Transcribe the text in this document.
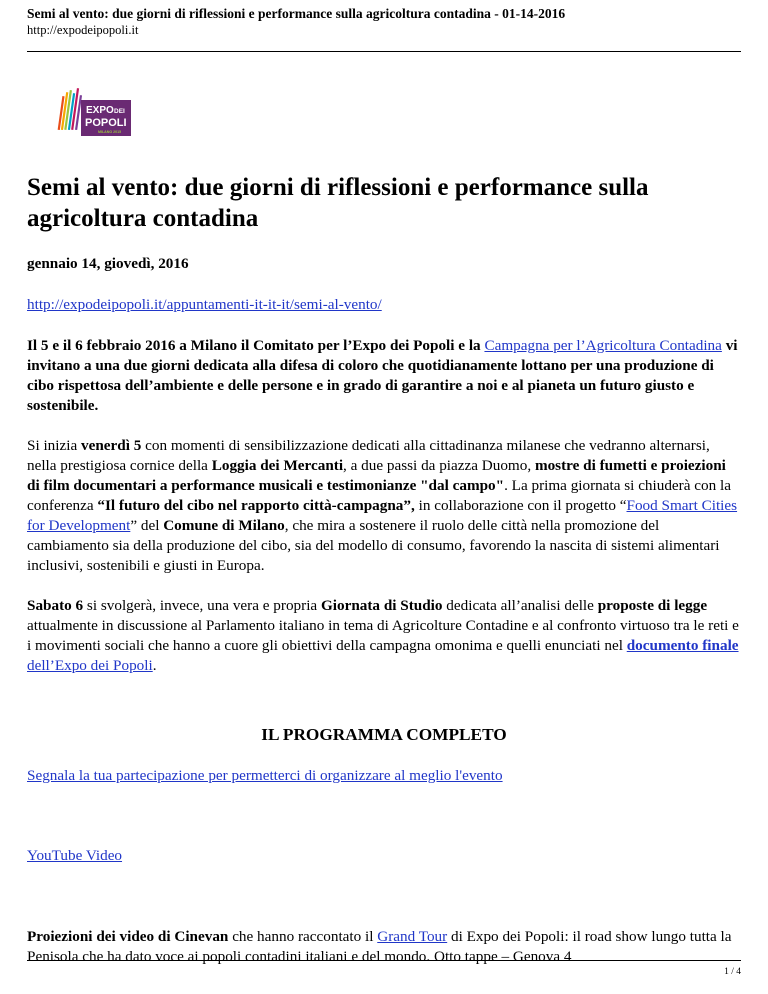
Semi al vento: due giorni di riflessioni e performance sulla agricoltura contadina - 01-14-2016
http://expodeipopoli.it
EXPO DEI
POPOLI
MILANO 2015
Semi al vento: due giorni di riflessioni e performance sulla agricoltura contadina
gennaio 14, giovedì, 2016

http://expodeipopoli.it/appuntamenti-it-it-it/semi-al-vento/

Il 5 e il 6 febbraio 2016 a Milano il Comitato per l’Expo dei Popoli e la Campagna per l’Agricoltura Contadina vi invitano a una due giorni dedicata alla difesa di coloro che quotidianamente lottano per una produzione di cibo rispettosa dell’ambiente e delle persone e in grado di garantire a noi e al pianeta un futuro giusto e sostenibile.

Si inizia venerdì 5 con momenti di sensibilizzazione dedicati alla cittadinanza milanese che vedranno alternarsi, nella prestigiosa cornice della Loggia dei Mercanti, a due passi da piazza Duomo, mostre di fumetti e proiezioni di film documentari a performance musicali e testimonianze "dal campo". La prima giornata si chiuderà con la conferenza “Il futuro del cibo nel rapporto città-campagna”, in collaborazione con il progetto “Food Smart Cities for Development” del Comune di Milano, che mira a sostenere il ruolo delle città nella promozione del cambiamento sia della produzione del cibo, sia del modello di consumo, favorendo la nascita di sistemi alimentari inclusivi, sostenibili e giusti in Europa.

Sabato 6 si svolgerà, invece, una vera e propria Giornata di Studio dedicata all’analisi delle proposte di legge attualmente in discussione al Parlamento italiano in tema di Agricolture Contadine e al confronto virtuoso tra le reti e i movimenti sociali che hanno a cuore gli obiettivi della campagna omonima e quelli enunciati nel documento finale dell’Expo dei Popoli.

IL PROGRAMMA COMPLETO

Segnala la tua partecipazione per permetterci di organizzare al meglio l'evento

YouTube Video

Proiezioni dei video di Cinevan che hanno raccontato il Grand Tour di Expo dei Popoli: il road show lungo tutta la Penisola che ha dato voce ai popoli contadini italiani e del mondo. Otto tappe – Genova 4

1 / 4
